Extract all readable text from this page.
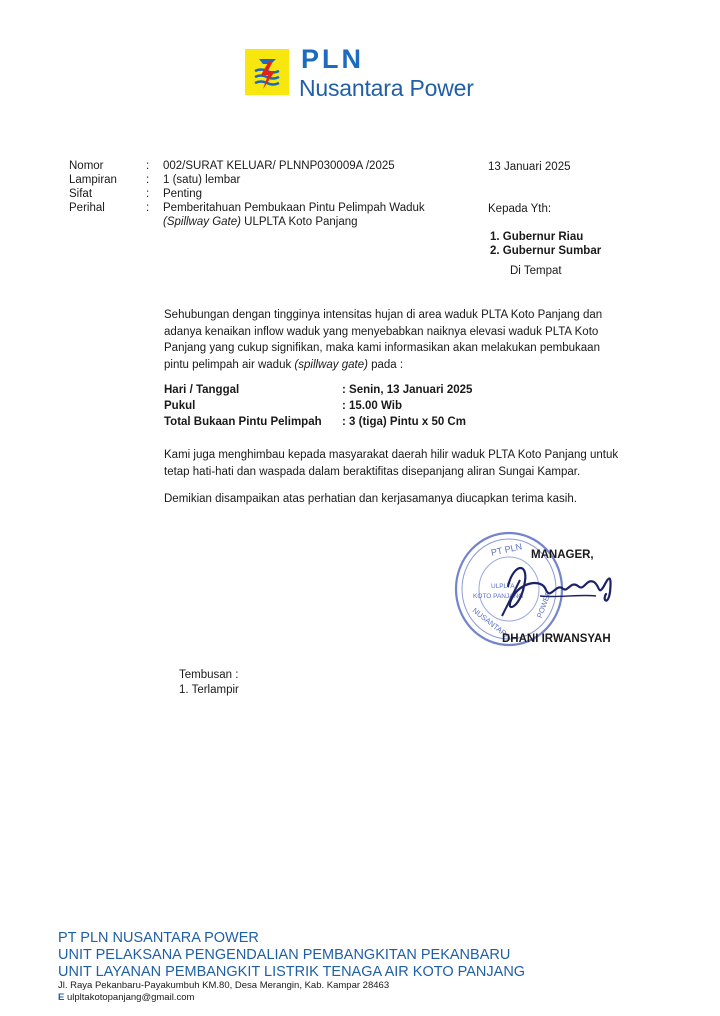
PLN
Nusantara Power
Nomor	: 002/SURAT KELUAR/ PLNNP030009A /2025
Lampiran	: 1 (satu) lembar
Sifat	: Penting
Perihal	: Pemberitahuan Pembukaan Pintu Pelimpah Waduk
(Spillway Gate) ULPLTA Koto Panjang
13 Januari 2025
Kepada Yth:
1. Gubernur Riau
2. Gubernur Sumbar
Di Tempat
Sehubungan dengan tingginya intensitas hujan di area waduk PLTA Koto Panjang dan
adanya kenaikan inflow waduk yang menyebabkan naiknya elevasi waduk PLTA Koto
Panjang yang cukup signifikan, maka kami informasikan akan melakukan pembukaan
pintu pelimpah air waduk (spillway gate) pada :
Hari / Tanggal	: Senin, 13 Januari 2025
Pukul	: 15.00 Wib
Total Bukaan Pintu Pelimpah : 3 (tiga) Pintu x 50 Cm
Kami juga menghimbau kepada masyarakat daerah hilir waduk PLTA Koto Panjang untuk
tetap hati-hati dan waspada dalam beraktifitas disepanjang aliran Sungai Kampar.
Demikian disampaikan atas perhatian dan kerjasamanya diucapkan terima kasih.
PT PLN
ULPLTA
KOTO PANJANG
NUSANTARA
POWER
MANAGER,
DHANI IRWANSYAH
Tembusan :
1. Terlampir
PT PLN NUSANTARA POWER
UNIT PELAKSANA PENGENDALIAN PEMBANGKITAN PEKANBARU
UNIT LAYANAN PEMBANGKIT LISTRIK TENAGA AIR KOTO PANJANG
Jl. Raya Pekanbaru-Payakumbuh KM.80, Desa Merangin, Kab. Kampar 28463
E ulpltakotopanjang@gmail.com
